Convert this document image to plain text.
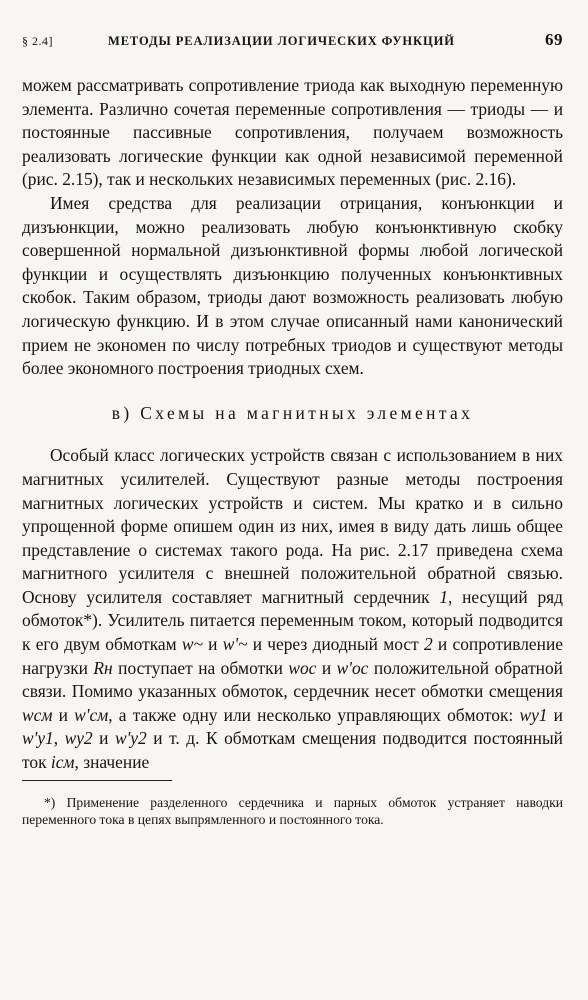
§ 2.4]	МЕТОДЫ РЕАЛИЗАЦИИ ЛОГИЧЕСКИХ ФУНКЦИЙ	69

можем рассматривать сопротивление триода как выходную переменную элемента. Различно сочетая переменные сопротивления — триоды — и постоянные пассивные сопротивления, получаем возможность реализовать логические функции как одной независимой переменной (рис. 2.15), так и нескольких независимых переменных (рис. 2.16).

Имея средства для реализации отрицания, конъюнкции и дизъюнкции, можно реализовать любую конъюнктивную скобку совершенной нормальной дизъюнктивной формы любой логической функции и осуществлять дизъюнкцию полученных конъюнктивных скобок. Таким образом, триоды дают возможность реализовать любую логическую функцию. И в этом случае описанный нами канонический прием не экономен по числу потребных триодов и существуют методы более экономного построения триодных схем.

в) Схемы на магнитных элементах

Особый класс логических устройств связан с использованием в них магнитных усилителей. Существуют разные методы построения магнитных логических устройств и систем. Мы кратко и в сильно упрощенной форме опишем один из них, имея в виду дать лишь общее представление о системах такого рода. На рис. 2.17 приведена схема магнитного усилителя с внешней положительной обратной связью. Основу усилителя составляет магнитный сердечник 1, несущий ряд обмоток*). Усилитель питается переменным током, который подводится к его двум обмоткам w~ и w'~ и через диодный мост 2 и сопротивление нагрузки Rн поступает на обмотки wос и w'ос положительной обратной связи. Помимо указанных обмоток, сердечник несет обмотки смещения wсм и w'см, а также одну или несколько управляющих обмоток: wу1 и w'у1, wу2 и w'у2 и т. д. К обмоткам смещения подводится постоянный ток iсм, значение

*) Применение разделенного сердечника и парных обмоток устраняет наводки переменного тока в цепях выпрямленного и постоянного тока.
